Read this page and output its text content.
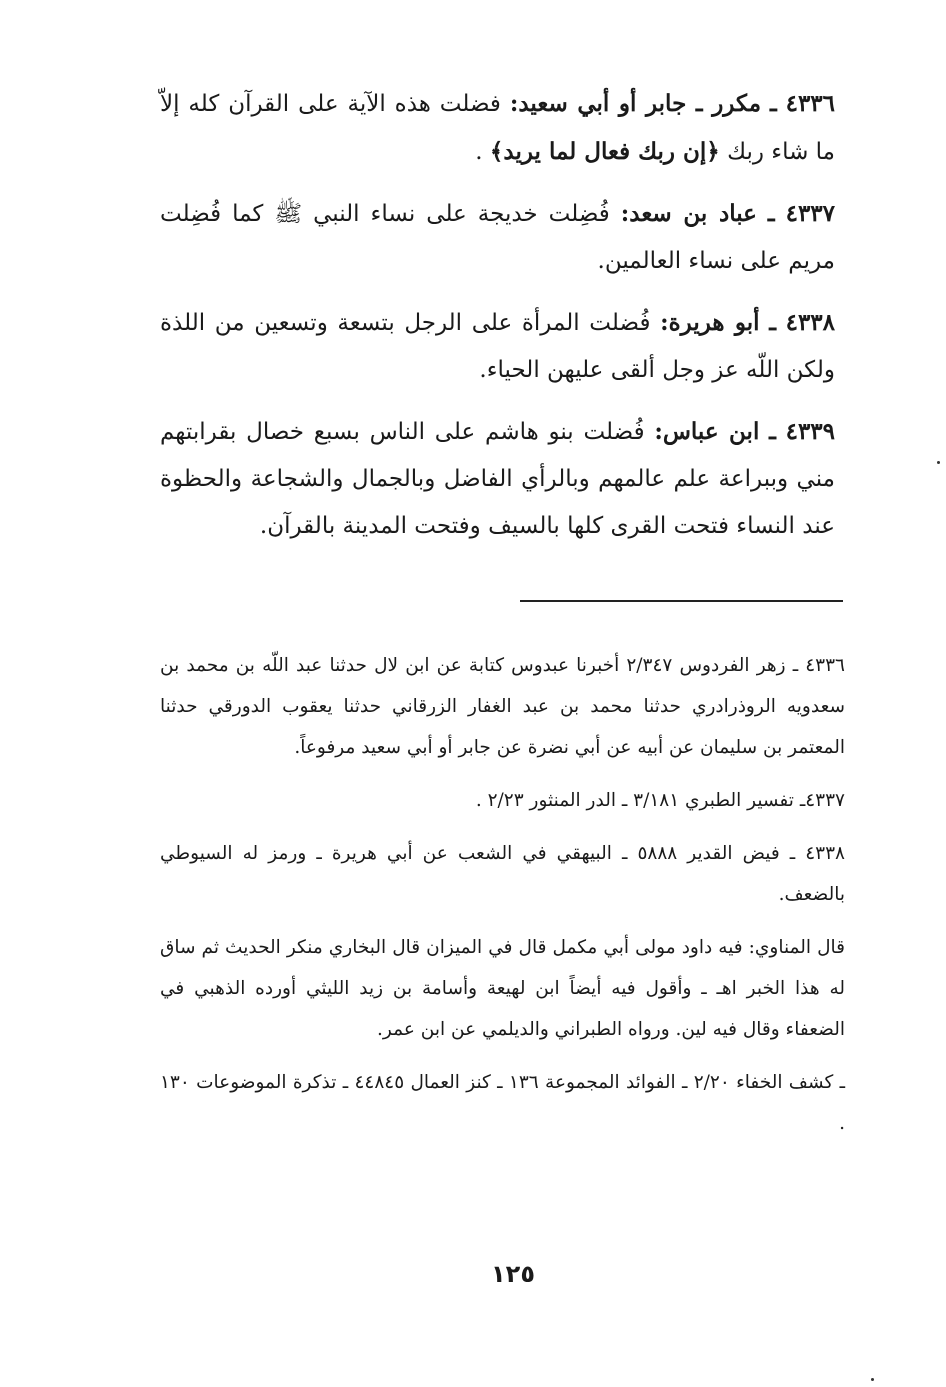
٤٣٣٦ ـ مكرر ـ جابر أو أبي سعيد: فضلت هذه الآية على القرآن كله إلاّ ما شاء ربك ﴿إن ربك فعال لما يريد﴾ .

٤٣٣٧ ـ عباد بن سعد: فُضِلت خديجة على نساء النبي ﷺ كما فُضِلت مريم على نساء العالمين.

٤٣٣٨ ـ أبو هريرة: فُضلت المرأة على الرجل بتسعة وتسعين من اللذة ولكن اللّه عز وجل ألقى عليهن الحياء.

٤٣٣٩ ـ ابن عباس: فُضلت بنو هاشم على الناس بسبع خصال بقرابتهم مني وببراعة علم عالمهم وبالرأي الفاضل وبالجمال والشجاعة والحظوة عند النساء فتحت القرى كلها بالسيف وفتحت المدينة بالقرآن.

٤٣٣٦ ـ زهر الفردوس ٢/٣٤٧ أخبرنا عبدوس كتابة عن ابن لال حدثنا عبد اللّه بن محمد بن سعدويه الروذرادري حدثنا محمد بن عبد الغفار الزرقاني حدثنا يعقوب الدورقي حدثنا المعتمر بن سليمان عن أبيه عن أبي نضرة عن جابر أو أبي سعيد مرفوعاً.

٤٣٣٧ـ تفسير الطبري ٣/١٨١ ـ الدر المنثور ٢/٢٣ .

٤٣٣٨ ـ فيض القدير ٥٨٨٨ ـ البيهقي في الشعب عن أبي هريرة ـ ورمز له السيوطي بالضعف.

قال المناوي: فيه داود مولى أبي مكمل قال في الميزان قال البخاري منكر الحديث ثم ساق له هذا الخبر اهـ ـ وأقول فيه أيضاً ابن لهيعة وأسامة بن زيد الليثي أورده الذهبي في الضعفاء وقال فيه لين. ورواه الطبراني والديلمي عن ابن عمر.

ـ كشف الخفاء ٢/٢٠ ـ الفوائد المجموعة ١٣٦ ـ كنز العمال ٤٤٨٤٥ ـ تذكرة الموضوعات ١٣٠ .

١٢٥
